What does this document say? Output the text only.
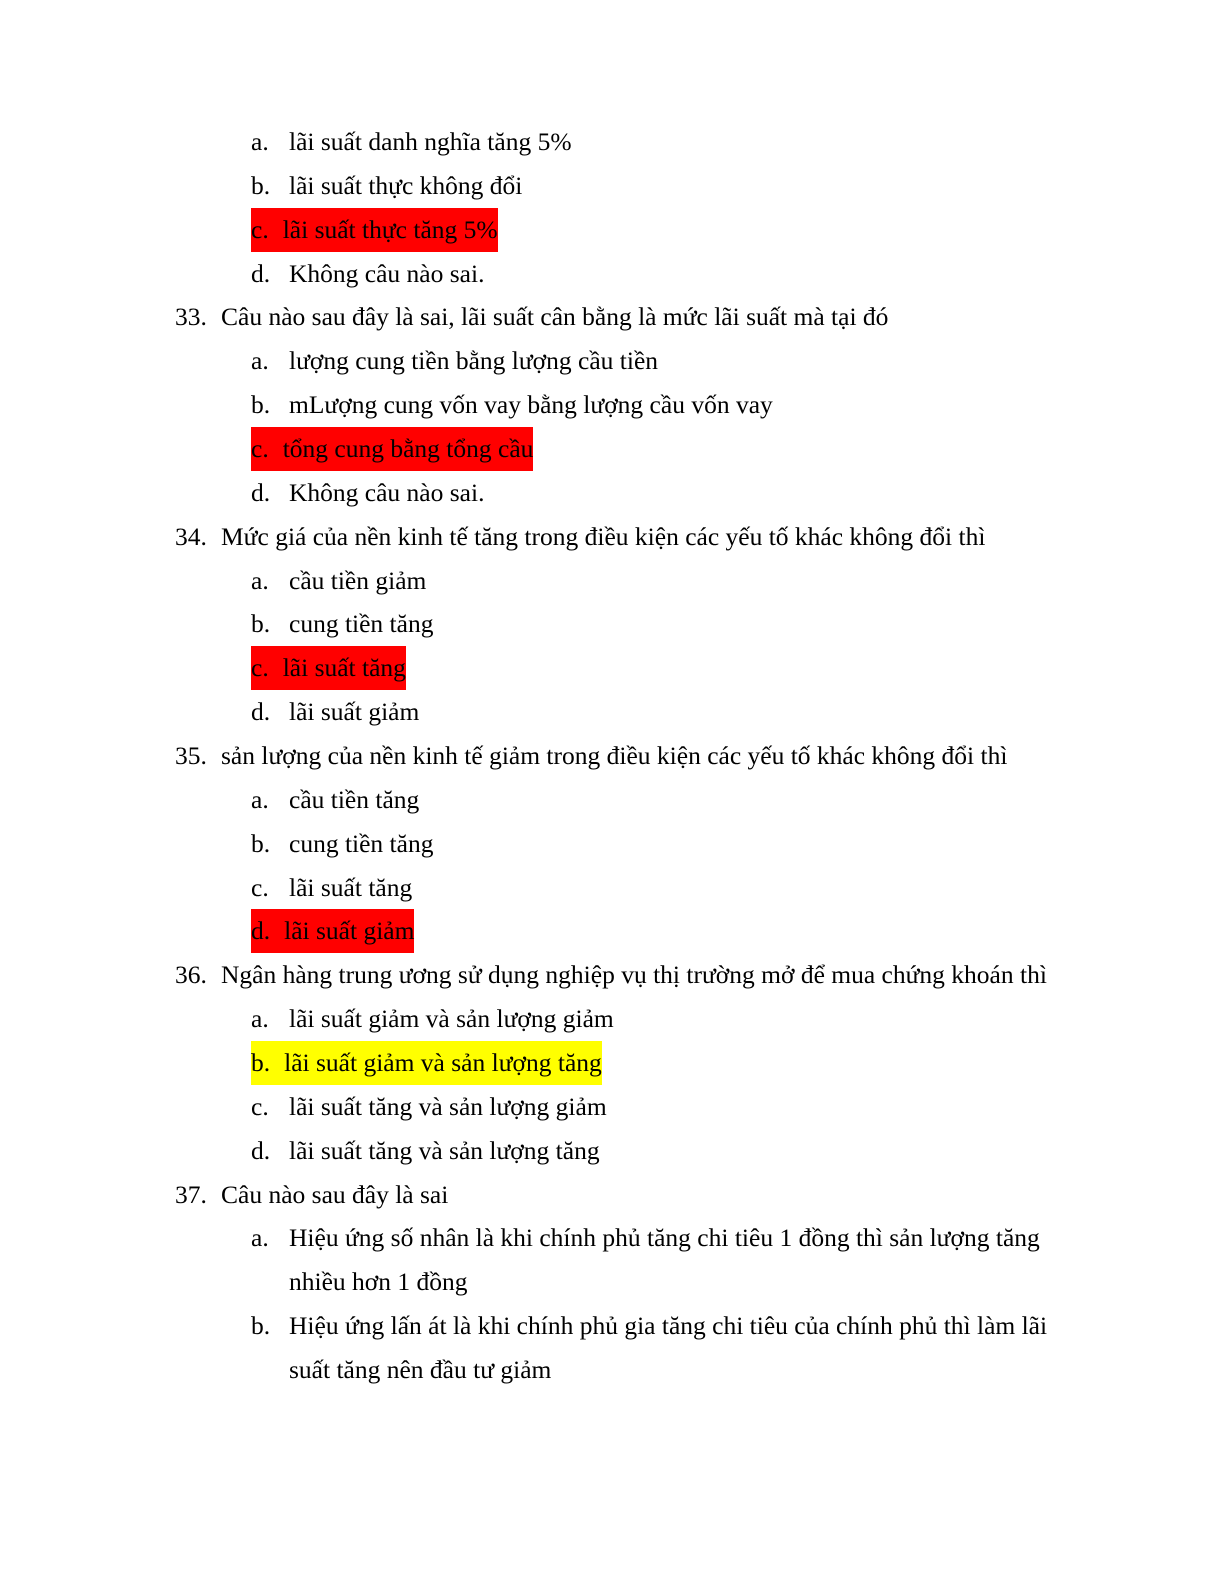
a. lãi suất danh nghĩa tăng 5%
b. lãi suất thực không đổi
c. lãi suất thực tăng 5%
d. Không câu nào sai.
33. Câu nào sau đây là sai, lãi suất cân bằng là mức lãi suất mà tại đó
a. lượng cung tiền bằng lượng cầu tiền
b. mLượng cung vốn vay bằng lượng cầu vốn vay
c. tổng cung bằng tổng cầu
d. Không câu nào sai.
34. Mức giá của nền kinh tế tăng trong điều kiện các yếu tố khác không đổi thì
a. cầu tiền giảm
b. cung tiền tăng
c. lãi suất tăng
d. lãi suất giảm
35. sản lượng của nền kinh tế giảm trong điều kiện các yếu tố khác không đổi thì
a. cầu tiền tăng
b. cung tiền tăng
c. lãi suất tăng
d. lãi suất giảm
36. Ngân hàng trung ương sử dụng nghiệp vụ thị trường mở để mua chứng khoán thì
a. lãi suất giảm và sản lượng giảm
b. lãi suất giảm và sản lượng tăng
c. lãi suất tăng và sản lượng giảm
d. lãi suất tăng và sản lượng tăng
37. Câu nào sau đây là sai
a. Hiệu ứng số nhân là khi chính phủ tăng chi tiêu 1 đồng thì sản lượng tăng nhiều hơn 1 đồng
b. Hiệu ứng lấn át là khi chính phủ gia tăng chi tiêu của chính phủ thì làm lãi suất tăng nên đầu tư giảm
